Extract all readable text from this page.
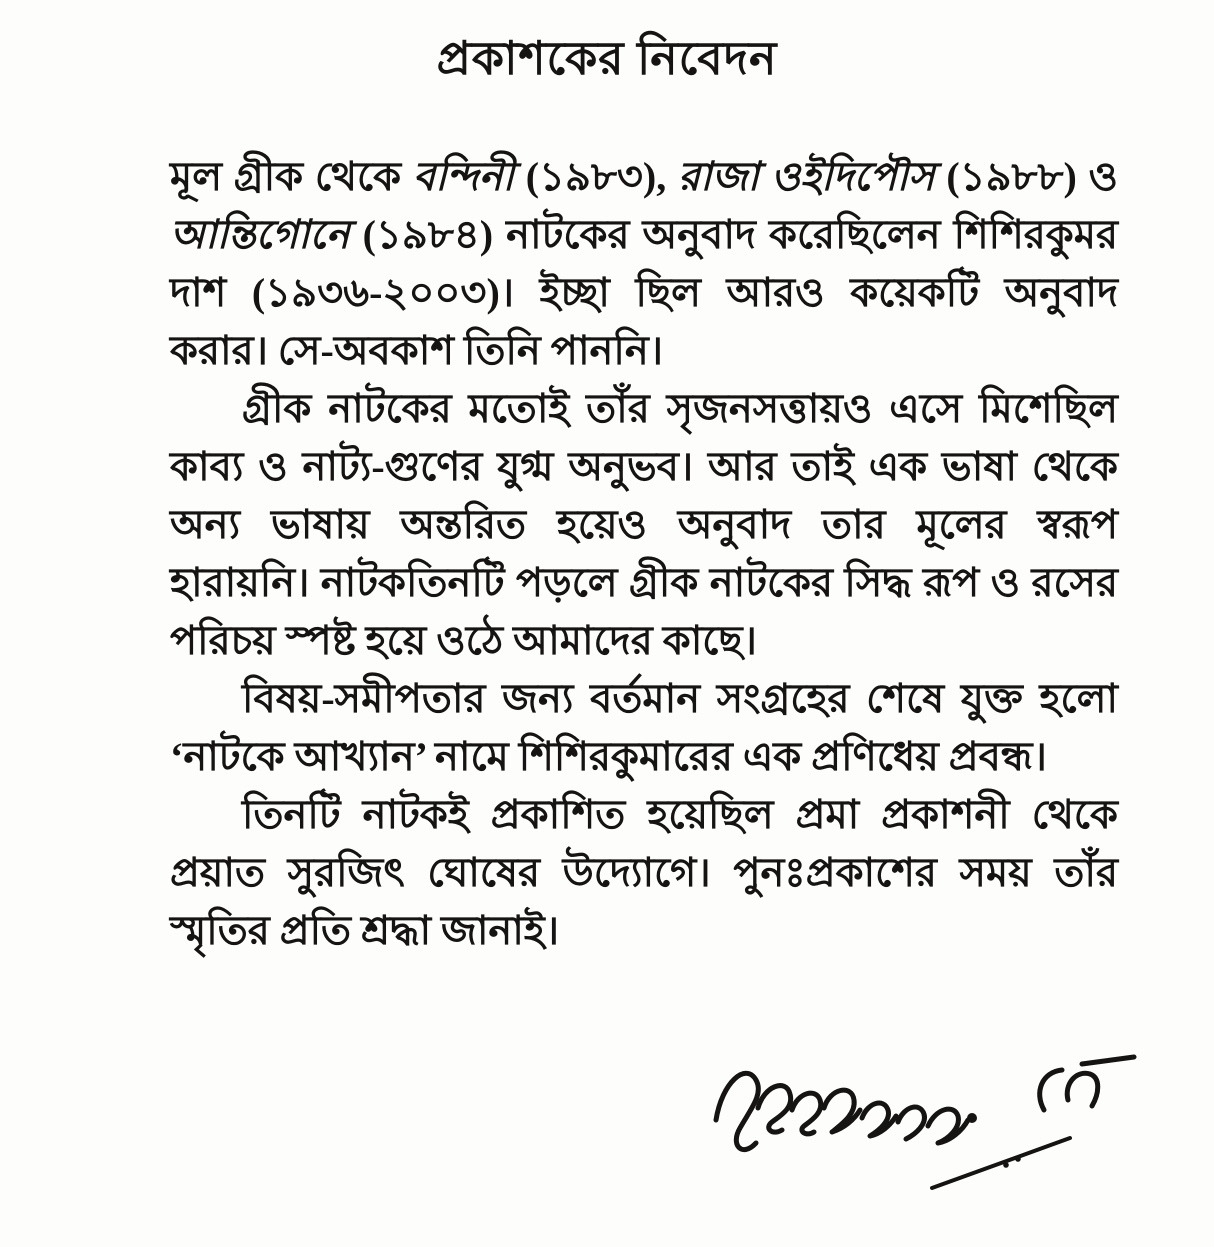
প্রকাশকের নিবেদন

মূল গ্রীক থেকে বন্দিনী (১৯৮৩), রাজা ওইদিপৌস (১৯৮৮) ও আন্তিগোনে (১৯৮৪) নাটকের অনুবাদ করেছিলেন শিশিরকুমর দাশ (১৯৩৬-২০০৩)। ইচ্ছা ছিল আরও কয়েকটি অনুবাদ করার। সে-অবকাশ তিনি পাননি।

গ্রীক নাটকের মতোই তাঁর সৃজনসত্তায়ও এসে মিশেছিল কাব্য ও নাট্য-গুণের যুগ্ম অনুভব। আর তাই এক ভাষা থেকে অন্য ভাষায় অন্তরিত হয়েও অনুবাদ তার মূলের স্বরূপ হারায়নি। নাটকতিনটি পড়লে গ্রীক নাটকের সিদ্ধ রূপ ও রসের পরিচয় স্পষ্ট হয়ে ওঠে আমাদের কাছে।

বিষয়-সমীপতার জন্য বর্তমান সংগ্রহের শেষে যুক্ত হলো ‘নাটকে আখ্যান’ নামে শিশিরকুমারের এক প্রণিধেয় প্রবন্ধ।

তিনটি নাটকই প্রকাশিত হয়েছিল প্রমা প্রকাশনী থেকে প্রয়াত সুরজিৎ ঘোষের উদ্যোগে। পুনঃপ্রকাশের সময় তাঁর স্মৃতির প্রতি শ্রদ্ধা জানাই।
